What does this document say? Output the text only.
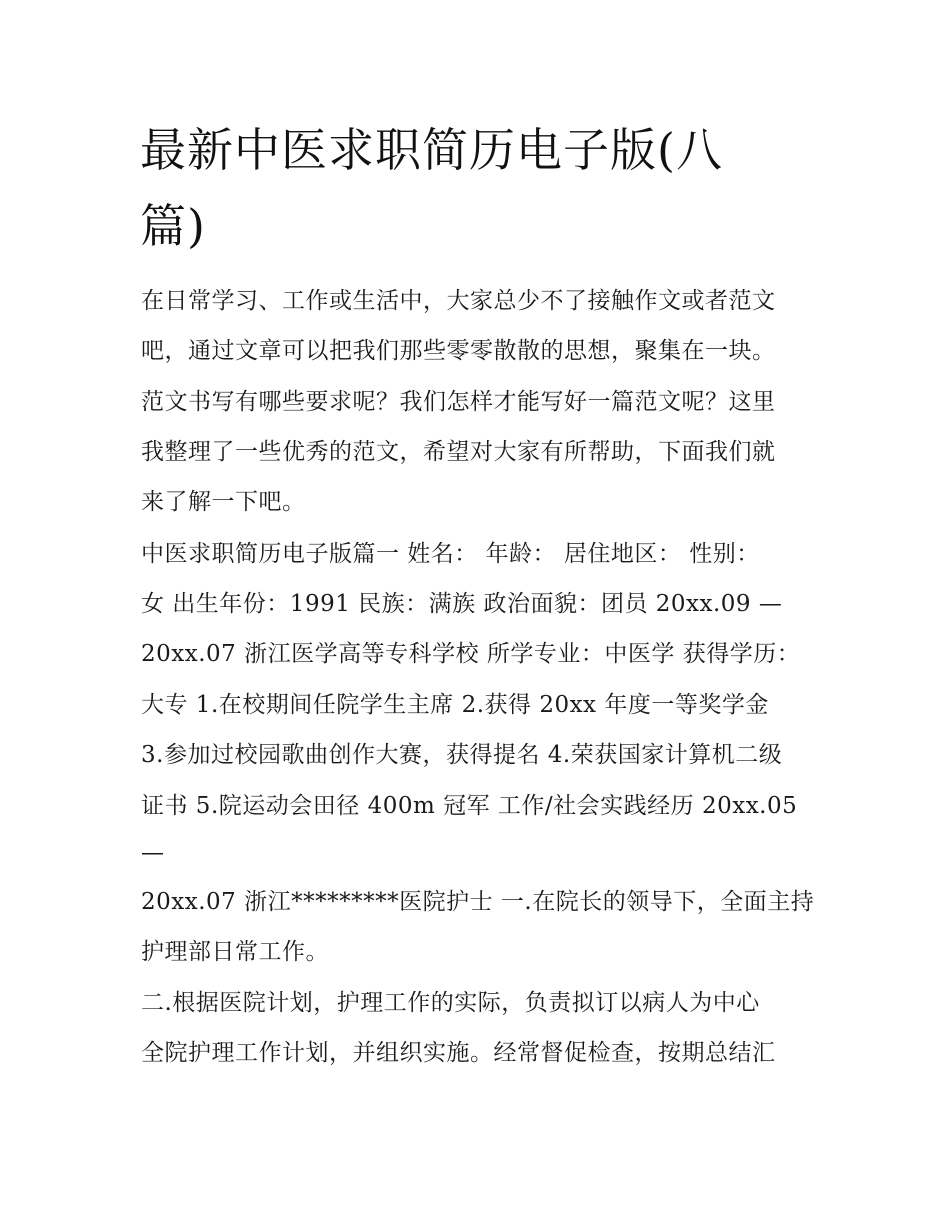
最新中医求职简历电子版(八
篇)

在日常学习、工作或生活中，大家总少不了接触作文或者范文

吧，通过文章可以把我们那些零零散散的思想，聚集在一块。

范文书写有哪些要求呢？我们怎样才能写好一篇范文呢？这里

我整理了一些优秀的范文，希望对大家有所帮助，下面我们就

来了解一下吧。

中医求职简历电子版篇一 姓名： 年龄： 居住地区： 性别：

女 出生年份：1991 民族：满族 政治面貌：团员 20xx.09 —

20xx.07 浙江医学高等专科学校 所学专业：中医学 获得学历：

大专 1.在校期间任院学生主席 2.获得 20xx 年度一等奖学金

3.参加过校园歌曲创作大赛，获得提名 4.荣获国家计算机二级

证书 5.院运动会田径 400m 冠军 工作/社会实践经历 20xx.05

—

20xx.07 浙江*********医院护士 一.在院长的领导下，全面主持

护理部日常工作。

二.根据医院计划，护理工作的实际，负责拟订以病人为中心

全院护理工作计划，并组织实施。经常督促检查，按期总结汇
